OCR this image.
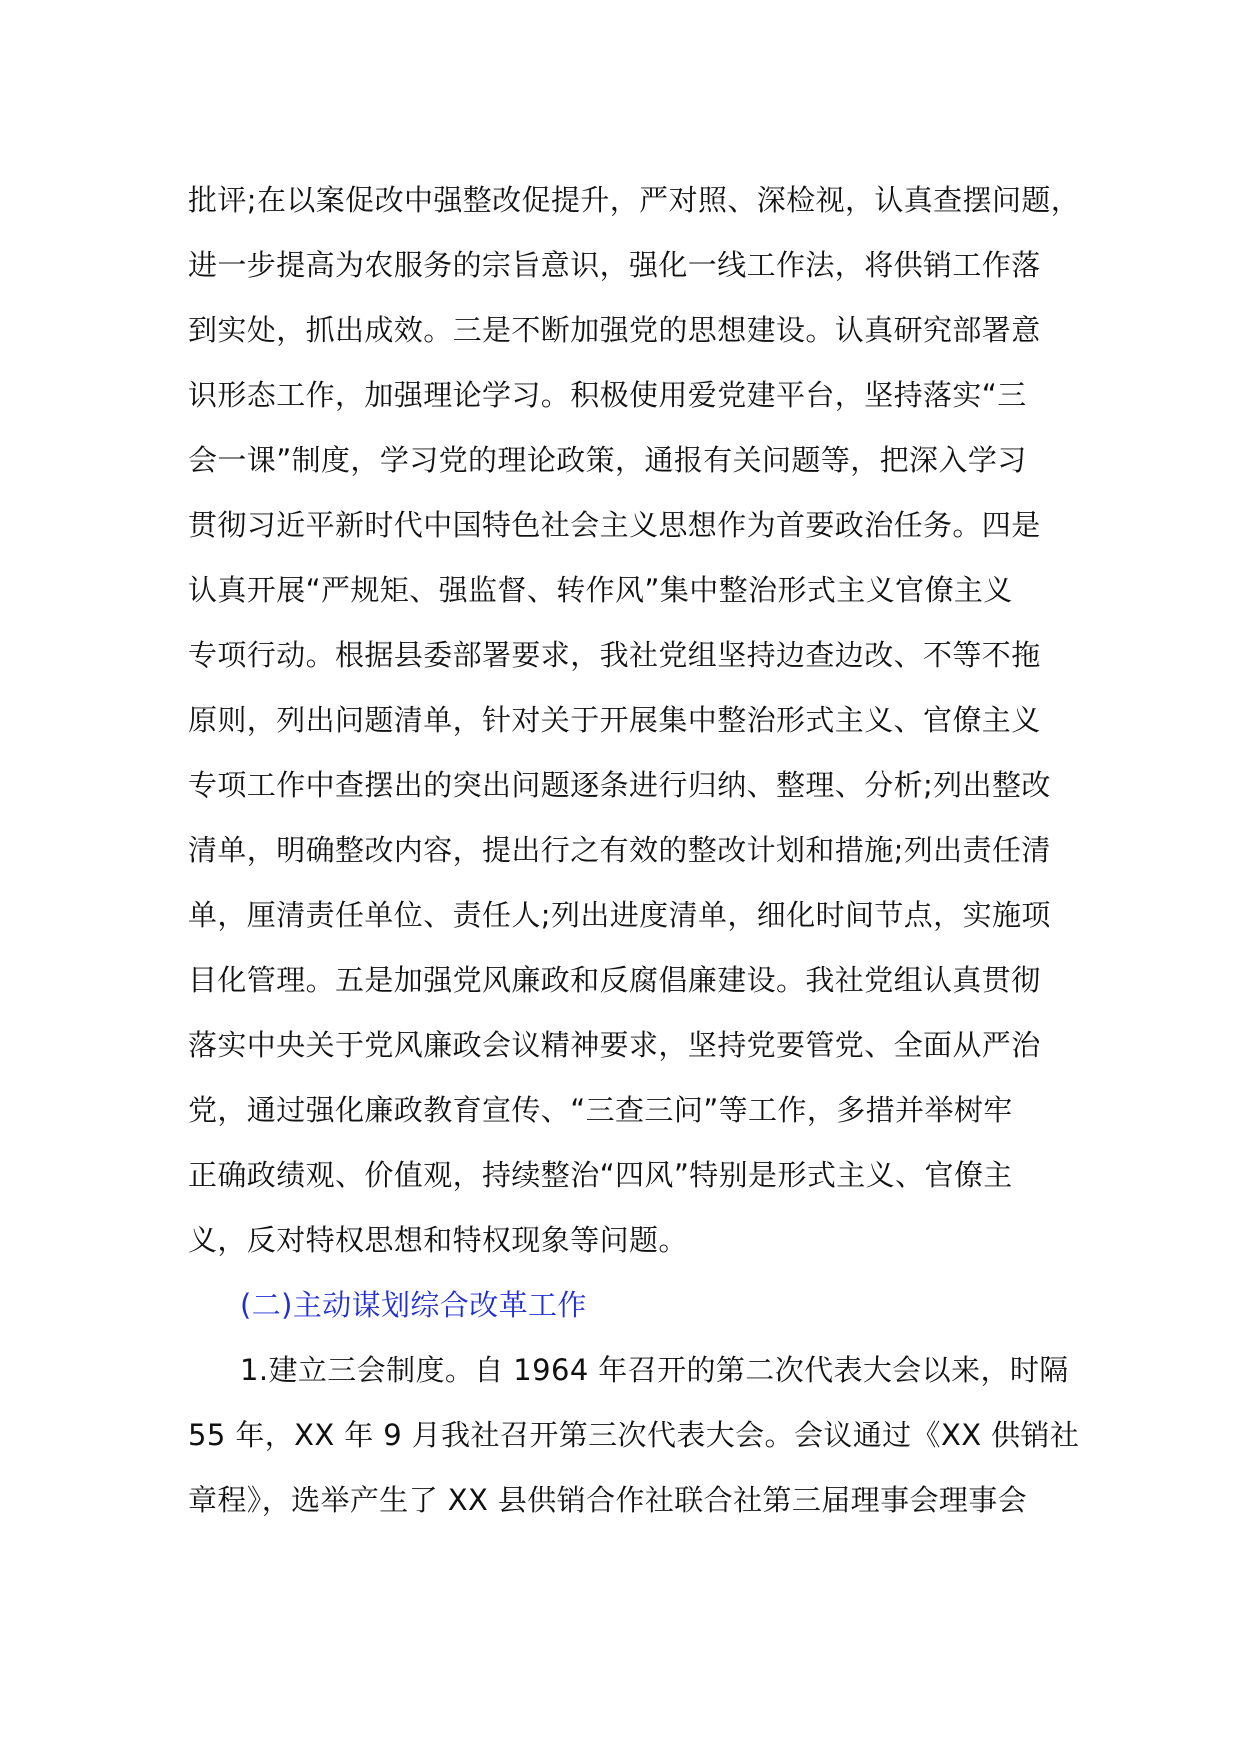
批评;在以案促改中强整改促提升，严对照、深检视，认真查摆问题，
进一步提高为农服务的宗旨意识，强化一线工作法，将供销工作落
到实处，抓出成效。三是不断加强党的思想建设。认真研究部署意
识形态工作，加强理论学习。积极使用爱党建平台，坚持落实“三
会一课”制度，学习党的理论政策，通报有关问题等，把深入学习
贯彻习近平新时代中国特色社会主义思想作为首要政治任务。四是
认真开展“严规矩、强监督、转作风”集中整治形式主义官僚主义
专项行动。根据县委部署要求，我社党组坚持边查边改、不等不拖
原则，列出问题清单，针对关于开展集中整治形式主义、官僚主义
专项工作中查摆出的突出问题逐条进行归纳、整理、分析;列出整改
清单，明确整改内容，提出行之有效的整改计划和措施;列出责任清
单，厘清责任单位、责任人;列出进度清单，细化时间节点，实施项
目化管理。五是加强党风廉政和反腐倡廉建设。我社党组认真贯彻
落实中央关于党风廉政会议精神要求，坚持党要管党、全面从严治
党，通过强化廉政教育宣传、“三查三问”等工作，多措并举树牢
正确政绩观、价值观，持续整治“四风”特别是形式主义、官僚主
义，反对特权思想和特权现象等问题。
(二)主动谋划综合改革工作
1.建立三会制度。自 1964 年召开的第二次代表大会以来，时隔
55 年，XX 年 9 月我社召开第三次代表大会。会议通过《XX 供销社
章程》，选举产生了 XX 县供销合作社联合社第三届理事会理事会
